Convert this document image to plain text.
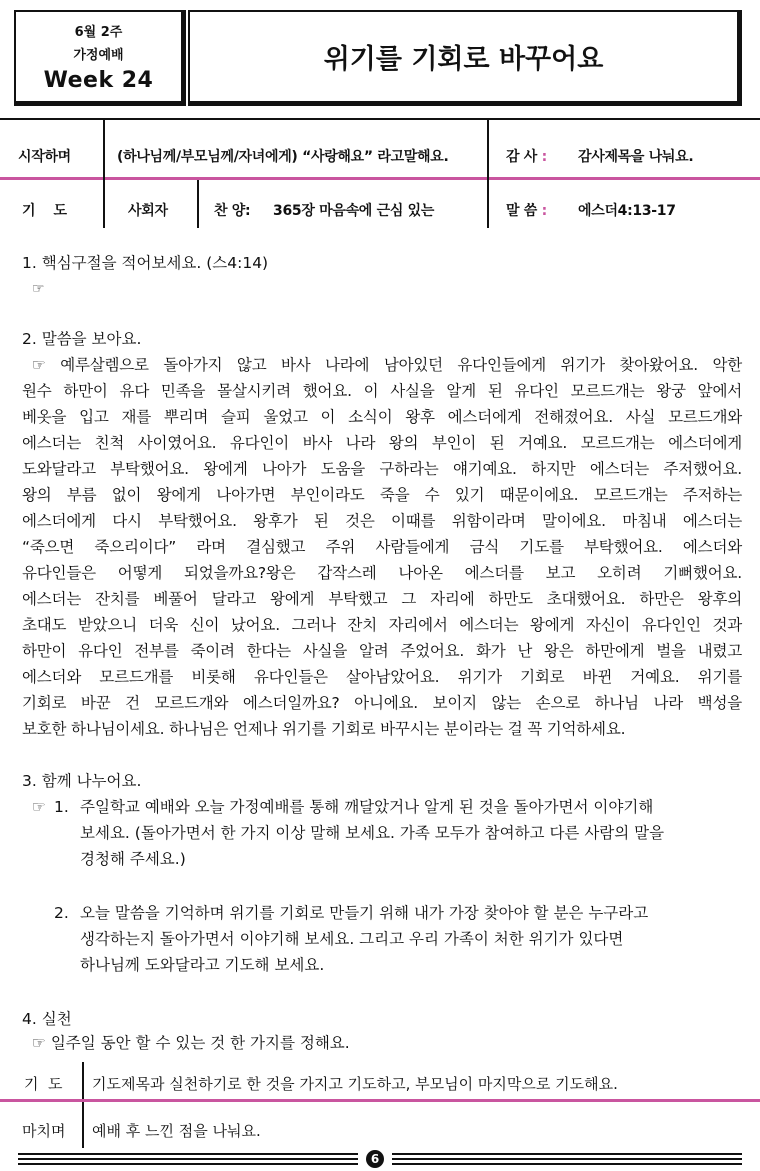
6월 2주
가정예배
Week 24
위기를 기회로 바꾸어요
시작하며	(하나님께/부모님께/자녀에게) “사랑해요” 라고말해요.	감 사 : 감사제목을 나눠요.
기    도	사회자	찬 양: 365장 마음속에 근심 있는	말 씀 : 에스더4:13-17
1. 핵심구절을 적어보세요. (스4:14)
☞
2. 말씀을 보아요.
☞ 예루살렘으로 돌아가지 않고 바사 나라에 남아있던 유다인들에게 위기가 찾아왔어요. 악한
원수 하만이 유다 민족을 몰살시키려 했어요. 이 사실을 알게 된 유다인 모르드개는 왕궁 앞에서
베옷을 입고 재를 뿌리며 슬피 울었고 이 소식이 왕후 에스더에게 전해졌어요. 사실 모르드개와
에스더는 친척 사이였어요. 유다인이 바사 나라 왕의 부인이 된 거예요. 모르드개는 에스더에게
도와달라고 부탁했어요. 왕에게 나아가 도움을 구하라는 얘기예요. 하지만 에스더는 주저했어요.
왕의 부름 없이 왕에게 나아가면 부인이라도 죽을 수 있기 때문이에요. 모르드개는 주저하는
에스더에게 다시 부탁했어요. 왕후가 된 것은 이때를 위함이라며 말이에요. 마침내 에스더는
“죽으면 죽으리이다” 라며 결심했고 주위 사람들에게 금식 기도를 부탁했어요. 에스더와
유다인들은 어떻게 되었을까요?왕은 갑작스레 나아온 에스더를 보고 오히려 기뻐했어요.
에스더는 잔치를 베풀어 달라고 왕에게 부탁했고 그 자리에 하만도 초대했어요. 하만은 왕후의
초대도 받았으니 더욱 신이 났어요. 그러나 잔치 자리에서 에스더는 왕에게 자신이 유다인인 것과
하만이 유다인 전부를 죽이려 한다는 사실을 알려 주었어요. 화가 난 왕은 하만에게 벌을 내렸고
에스더와 모르드개를 비롯해 유다인들은 살아남았어요. 위기가 기회로 바뀐 거예요. 위기를
기회로 바꾼 건 모르드개와 에스더일까요? 아니에요. 보이지 않는 손으로 하나님 나라 백성을
보호한 하나님이세요. 하나님은 언제나 위기를 기회로 바꾸시는 분이라는 걸 꼭 기억하세요.
3. 함께 나누어요.
☞ 1. 주일학교 예배와 오늘 가정예배를 통해 깨달았거나 알게 된 것을 돌아가면서 이야기해
보세요. (돌아가면서 한 가지 이상 말해 보세요. 가족 모두가 참여하고 다른 사람의 말을
경청해 주세요.)
2. 오늘 말씀을 기억하며 위기를 기회로 만들기 위해 내가 가장 찾아야 할 분은 누구라고
생각하는지 돌아가면서 이야기해 보세요. 그리고 우리 가족이 처한 위기가 있다면
하나님께 도와달라고 기도해 보세요.
4. 실천
☞ 일주일 동안 할 수 있는 것 한 가지를 정해요.
기  도 기도제목과 실천하기로 한 것을 가지고 기도하고, 부모님이 마지막으로 기도해요.
마치며 예배 후 느낀 점을 나눠요.
6
